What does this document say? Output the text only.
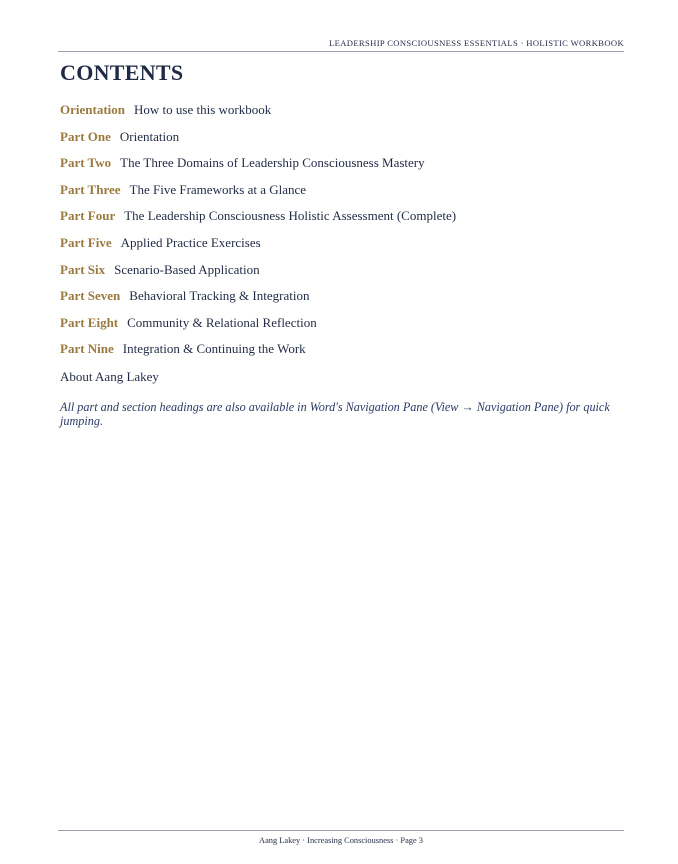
LEADERSHIP CONSCIOUSNESS ESSENTIALS · HOLISTIC WORKBOOK
CONTENTS
Orientation How to use this workbook
Part One Orientation
Part Two The Three Domains of Leadership Consciousness Mastery
Part Three The Five Frameworks at a Glance
Part Four The Leadership Consciousness Holistic Assessment (Complete)
Part Five Applied Practice Exercises
Part Six Scenario-Based Application
Part Seven Behavioral Tracking & Integration
Part Eight Community & Relational Reflection
Part Nine Integration & Continuing the Work
About Aang Lakey

All part and section headings are also available in Word's Navigation Pane (View → Navigation Pane) for quick jumping.

Aang Lakey · Increasing Consciousness · Page 3
